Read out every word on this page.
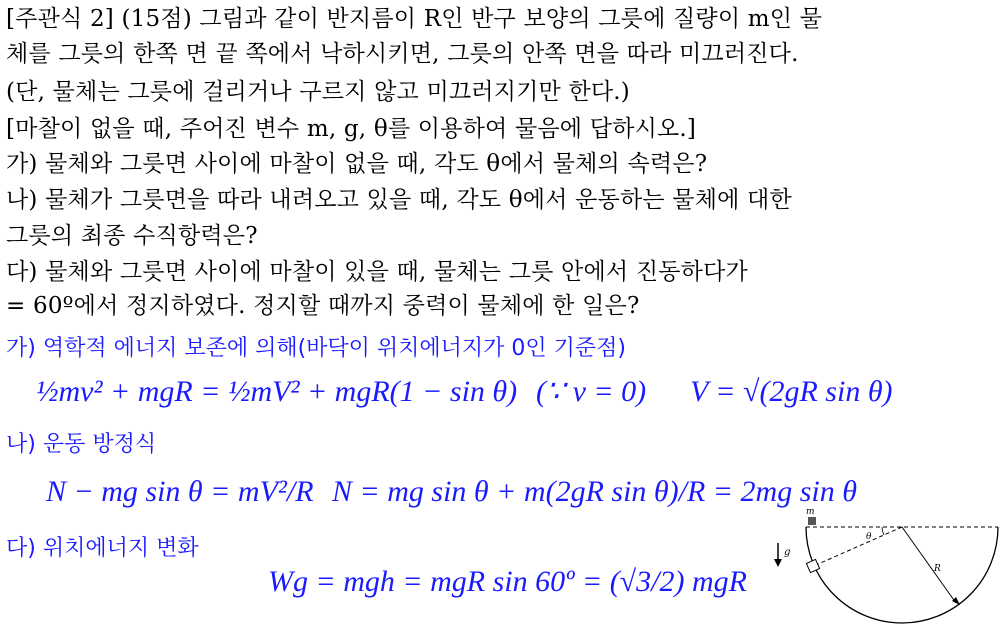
[주관식 2] (15점) 그림과 같이 반지름이 R인 반구 보양의 그릇에 질량이 m인 물
체를 그릇의 한쪽 면 끝 쪽에서 낙하시키면, 그릇의 안쪽 면을 따라 미끄러진다.
(단, 물체는 그릇에 걸리거나 구르지 않고 미끄러지기만 한다.)
[마찰이 없을 때, 주어진 변수 m, g, θ를 이용하여 물음에 답하시오.]
가) 물체와 그릇면 사이에 마찰이 없을 때, 각도 θ에서 물체의 속력은?
나) 물체가 그릇면을 따라 내려오고 있을 때, 각도 θ에서 운동하는 물체에 대한
그릇의 최종 수직항력은?
다) 물체와 그릇면 사이에 마찰이 있을 때, 물체는 그릇 안에서 진동하다가
= 60º에서 정지하였다. 정지할 때까지 중력이 물체에 한 일은?
가) 역학적 에너지 보존에 의해(바닥이 위치에너지가 0인 기준점)
½mv² + mgR = ½mV² + mgR(1 − sin θ) (∵ v = 0) V = √(2gR sin θ)
나) 운동 방정식
N − mg sin θ = mV²/R N = mg sin θ + m(2gR sin θ)/R = 2mg sin θ
다) 위치에너지 변화
Wg = mgh = mgR sin 60º = (√3/2) mgR
m
g
θ
R
